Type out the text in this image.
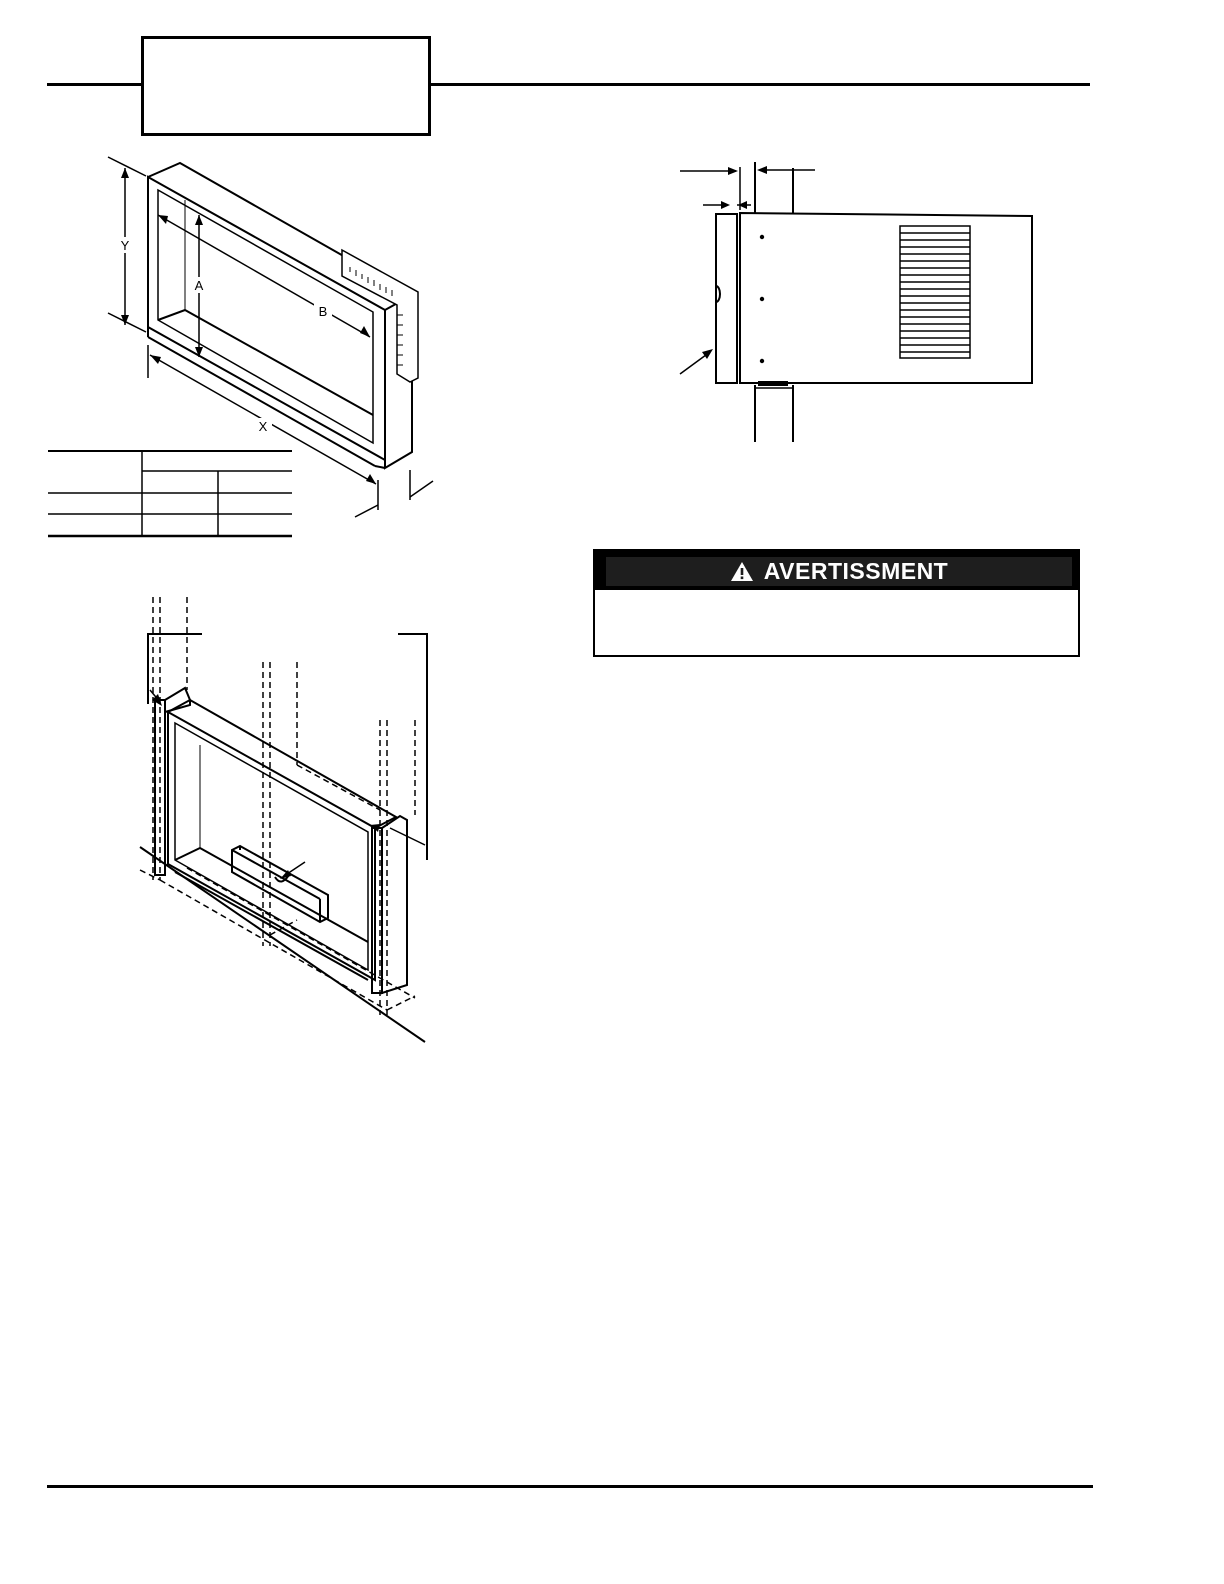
Y
A
B
X
AVERTISSMENT
